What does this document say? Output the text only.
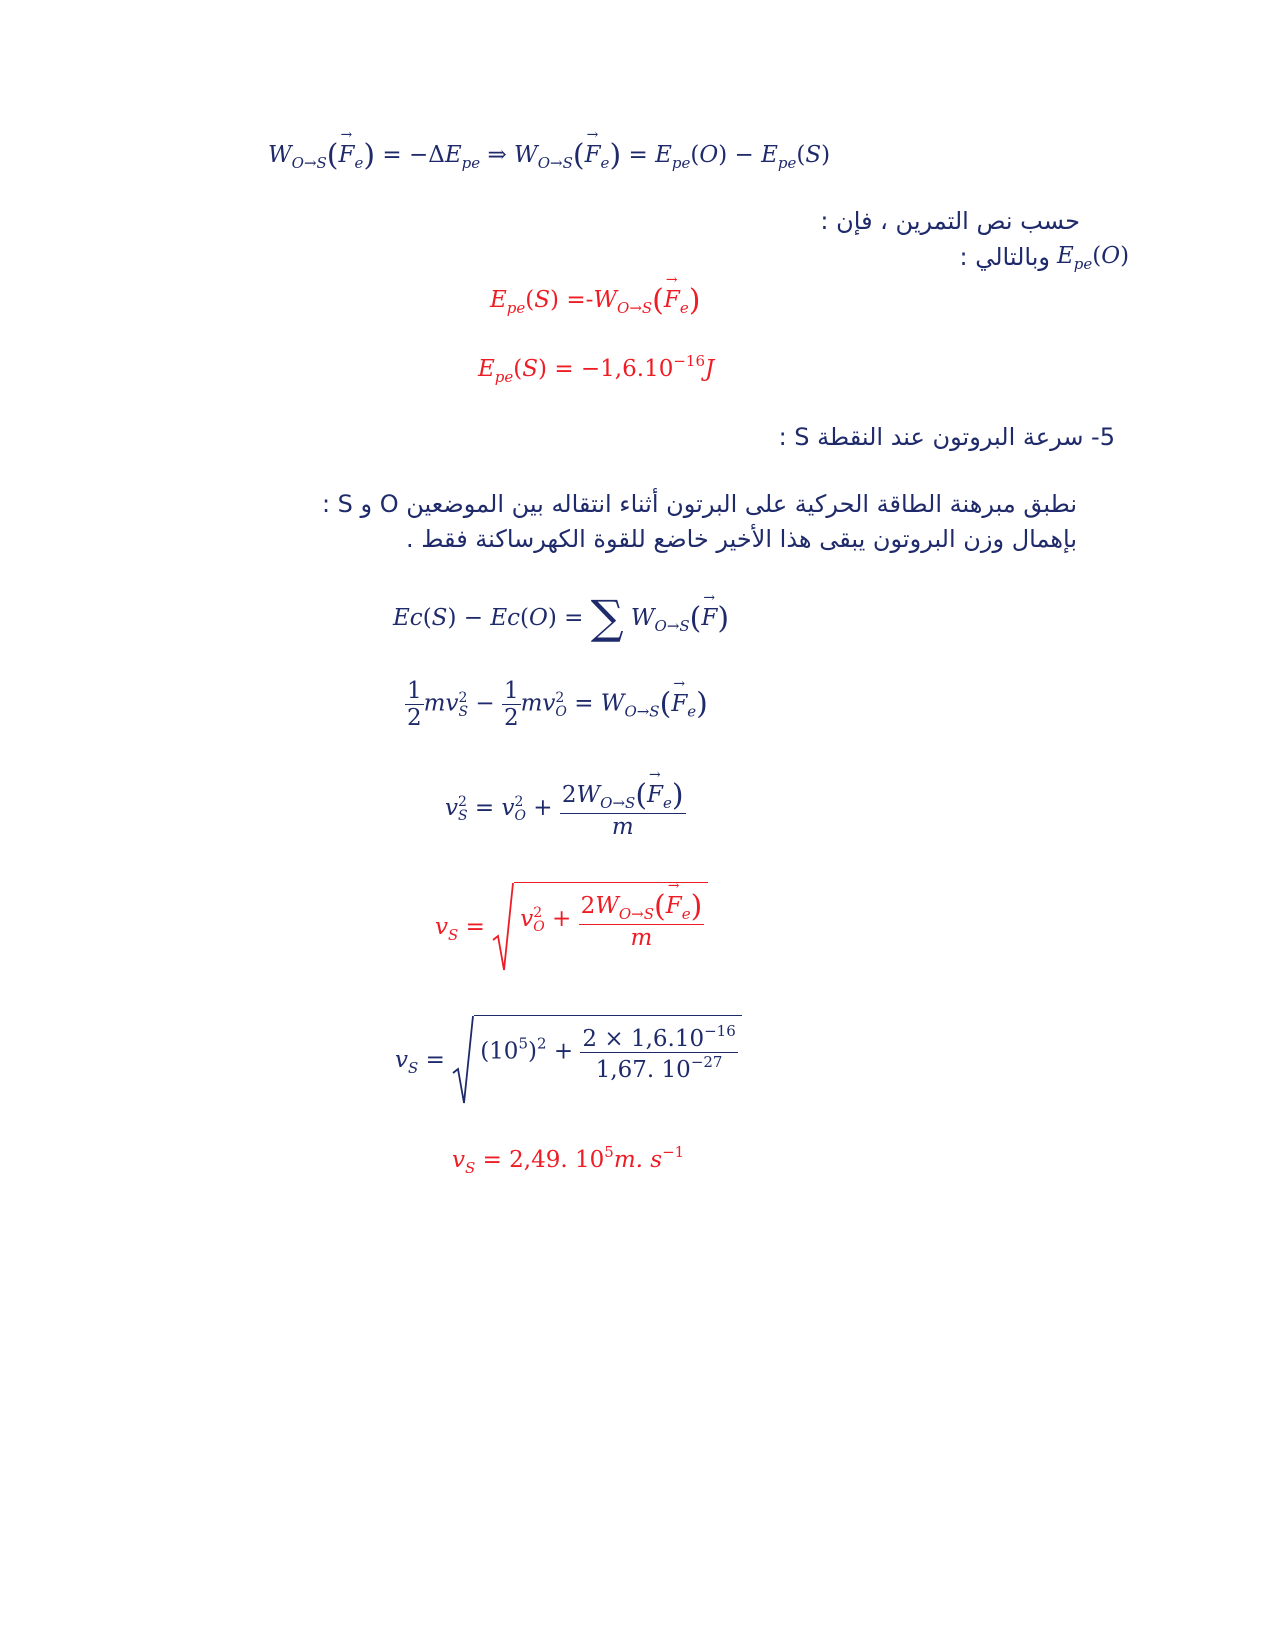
$W_{O\to S}(\to F_e) = -\Delta E_{pe}$ ⇒ $W_{O\to S}(\to F_e) = E_{pe}(O) - E_{pe}(S)$
حسب نص التمرين ، فإن :
$E_{pe}(O)$
وبالتالي :
$E_{pe}(S) =-W_{O\to S}(\to F_e)$
$E_{pe}(S) = -1,6.10^{-16}J$
5- سرعة البروتون عند النقطة S :
نطبق مبرهنة الطاقة الحركية على البرتون أثناء انتقاله بين الموضعين O و S :
بإهمال وزن البروتون يبقى هذا الأخير خاضع للقوة الكهرساكنة فقط .
Ec(S) − Ec(O) = ∑ $W_{O\to S}(\to F)$
$\frac{1}{2}$ mv 2
$S - \frac{1}{2}$ mv 2
$O = W_{O\to S}(\to F_e)$
v 2
S = v 2
$O + \frac{2W_{O\to S}(\to F_e)}{m}$
$v_S = v$ 2
$O + \frac{2W_{O\to S}(\to F_e)}{m}$
$v_S = (10^5)^2 + \frac{2 \times 1,6.10^{-16}}{1,67. 10^{-27}}$
$v_S = 2,49$. $10^5m$. $s^{-1}$
